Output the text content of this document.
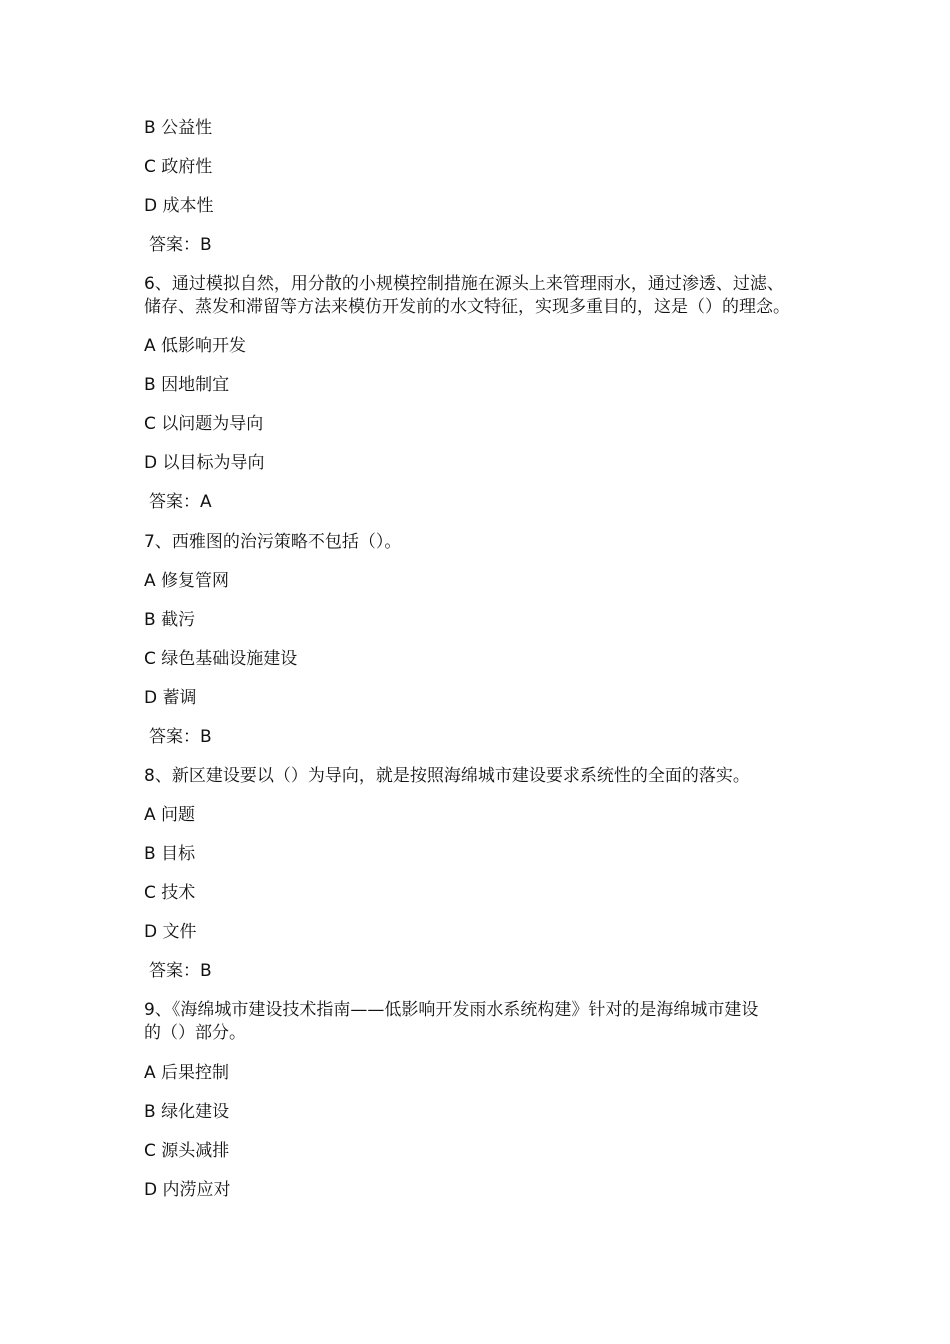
B 公益性
C 政府性
D 成本性
答案：B
6、通过模拟自然，用分散的小规模控制措施在源头上来管理雨水，通过渗透、过滤、
储存、蒸发和滞留等方法来模仿开发前的水文特征，实现多重目的，这是（）的理念。
A 低影响开发
B 因地制宜
C 以问题为导向
D 以目标为导向
答案：A
7、西雅图的治污策略不包括（）。
A 修复管网
B 截污
C 绿色基础设施建设
D 蓄调
答案：B
8、新区建设要以（）为导向，就是按照海绵城市建设要求系统性的全面的落实。
A 问题
B 目标
C 技术
D 文件
答案：B
9、《海绵城市建设技术指南——低影响开发雨水系统构建》针对的是海绵城市建设
的（）部分。
A 后果控制
B 绿化建设
C 源头减排
D 内涝应对
